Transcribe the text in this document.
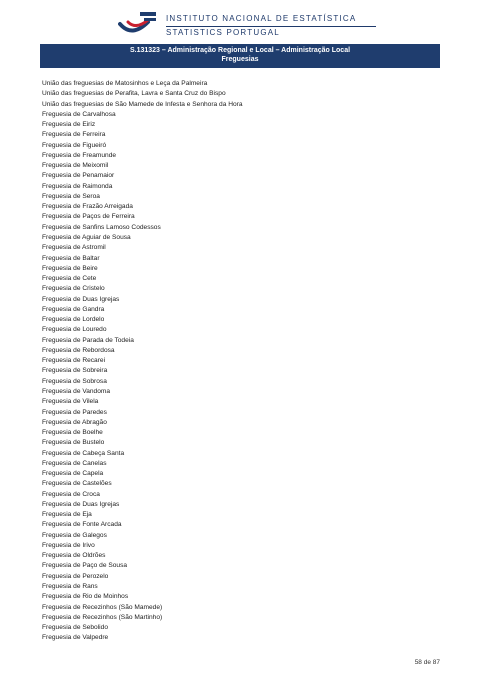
INSTITUTO NACIONAL DE ESTATÍSTICA
STATISTICS PORTUGAL
S.131323 – Administração Regional e Local – Administração Local
Freguesias

União das freguesias de Matosinhos e Leça da Palmeira
União das freguesias de Perafita, Lavra e Santa Cruz do Bispo
União das freguesias de São Mamede de Infesta e Senhora da Hora
Freguesia de Carvalhosa
Freguesia de Eiriz
Freguesia de Ferreira
Freguesia de Figueiró
Freguesia de Freamunde
Freguesia de Meixomil
Freguesia de Penamaior
Freguesia de Raimonda
Freguesia de Seroa
Freguesia de Frazão Arreigada
Freguesia de Paços de Ferreira
Freguesia de Sanfins Lamoso Codessos
Freguesia de Aguiar de Sousa
Freguesia de Astromil
Freguesia de Baltar
Freguesia de Beire
Freguesia de Cete
Freguesia de Cristelo
Freguesia de Duas Igrejas
Freguesia de Gandra
Freguesia de Lordelo
Freguesia de Louredo
Freguesia de Parada de Todeia
Freguesia de Rebordosa
Freguesia de Recarei
Freguesia de Sobreira
Freguesia de Sobrosa
Freguesia de Vandoma
Freguesia de Vilela
Freguesia de Paredes
Freguesia de Abragão
Freguesia de Boelhe
Freguesia de Bustelo
Freguesia de Cabeça Santa
Freguesia de Canelas
Freguesia de Capela
Freguesia de Castelões
Freguesia de Croca
Freguesia de Duas Igrejas
Freguesia de Eja
Freguesia de Fonte Arcada
Freguesia de Galegos
Freguesia de Irivo
Freguesia de Oldrões
Freguesia de Paço de Sousa
Freguesia de Perozelo
Freguesia de Rans
Freguesia de Rio de Moinhos
Freguesia de Recezinhos (São Mamede)
Freguesia de Recezinhos (São Martinho)
Freguesia de Sebolido
Freguesia de Valpedre
58 de 87
